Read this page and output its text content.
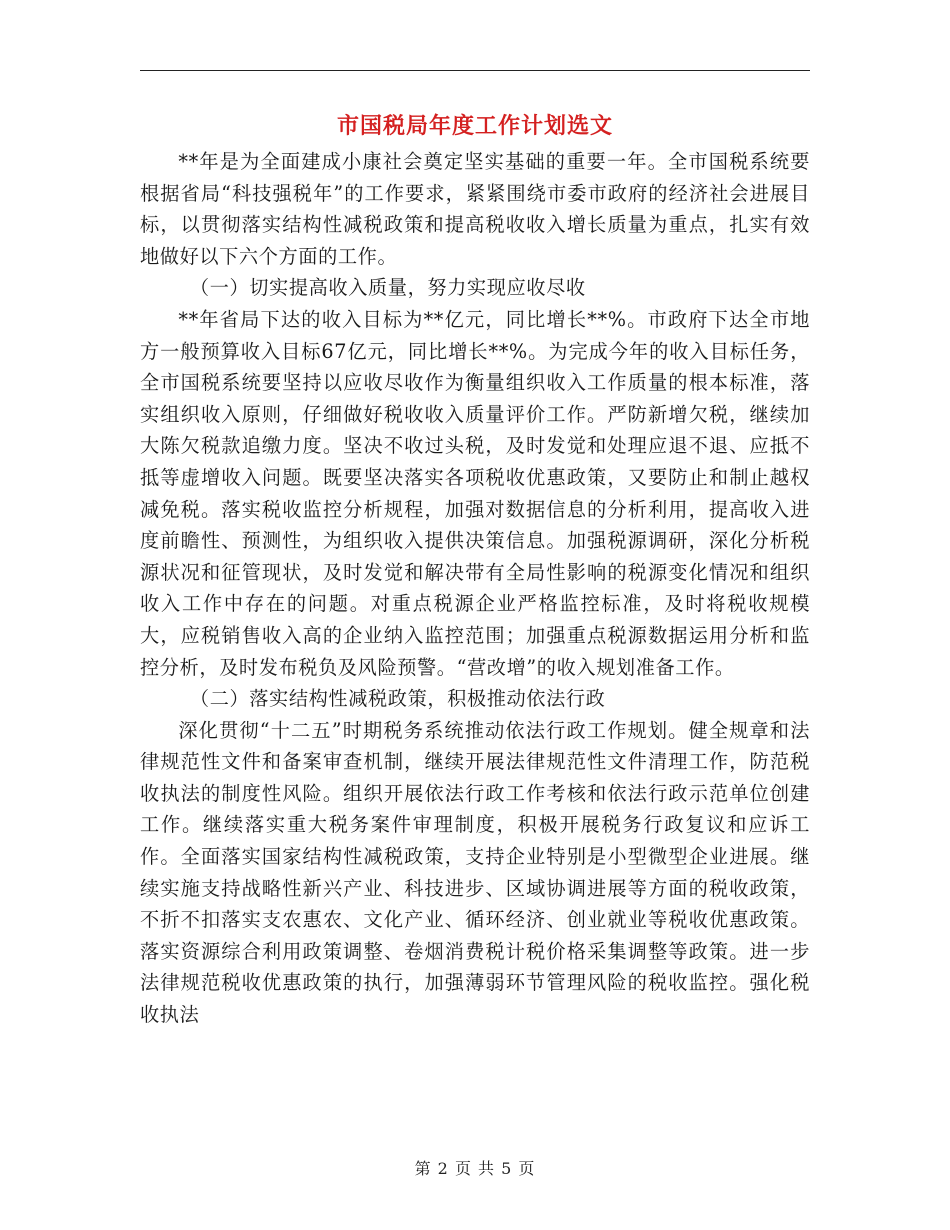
市国税局年度工作计划选文

**年是为全面建成小康社会奠定坚实基础的重要一年。全市国税系统要根据省局“科技强税年”的工作要求，紧紧围绕市委市政府的经济社会进展目标，以贯彻落实结构性减税政策和提高税收收入增长质量为重点，扎实有效地做好以下六个方面的工作。

（一）切实提高收入质量，努力实现应收尽收

**年省局下达的收入目标为**亿元，同比增长**%。市政府下达全市地方一般预算收入目标67亿元，同比增长**%。为完成今年的收入目标任务，全市国税系统要坚持以应收尽收作为衡量组织收入工作质量的根本标准，落实组织收入原则，仔细做好税收收入质量评价工作。严防新增欠税，继续加大陈欠税款追缴力度。坚决不收过头税，及时发觉和处理应退不退、应抵不抵等虚增收入问题。既要坚决落实各项税收优惠政策，又要防止和制止越权减免税。落实税收监控分析规程，加强对数据信息的分析利用，提高收入进度前瞻性、预测性，为组织收入提供决策信息。加强税源调研，深化分析税源状况和征管现状，及时发觉和解决带有全局性影响的税源变化情况和组织收入工作中存在的问题。对重点税源企业严格监控标准，及时将税收规模大，应税销售收入高的企业纳入监控范围；加强重点税源数据运用分析和监控分析，及时发布税负及风险预警。“营改增”的收入规划准备工作。

（二）落实结构性减税政策，积极推动依法行政

深化贯彻“十二五”时期税务系统推动依法行政工作规划。健全规章和法律规范性文件和备案审查机制，继续开展法律规范性文件清理工作，防范税收执法的制度性风险。组织开展依法行政工作考核和依法行政示范单位创建工作。继续落实重大税务案件审理制度，积极开展税务行政复议和应诉工作。全面落实国家结构性减税政策，支持企业特别是小型微型企业进展。继续实施支持战略性新兴产业、科技进步、区域协调进展等方面的税收政策，不折不扣落实支农惠农、文化产业、循环经济、创业就业等税收优惠政策。落实资源综合利用政策调整、卷烟消费税计税价格采集调整等政策。进一步法律规范税收优惠政策的执行，加强薄弱环节管理风险的税收监控。强化税收执法

第 2 页 共 5 页
